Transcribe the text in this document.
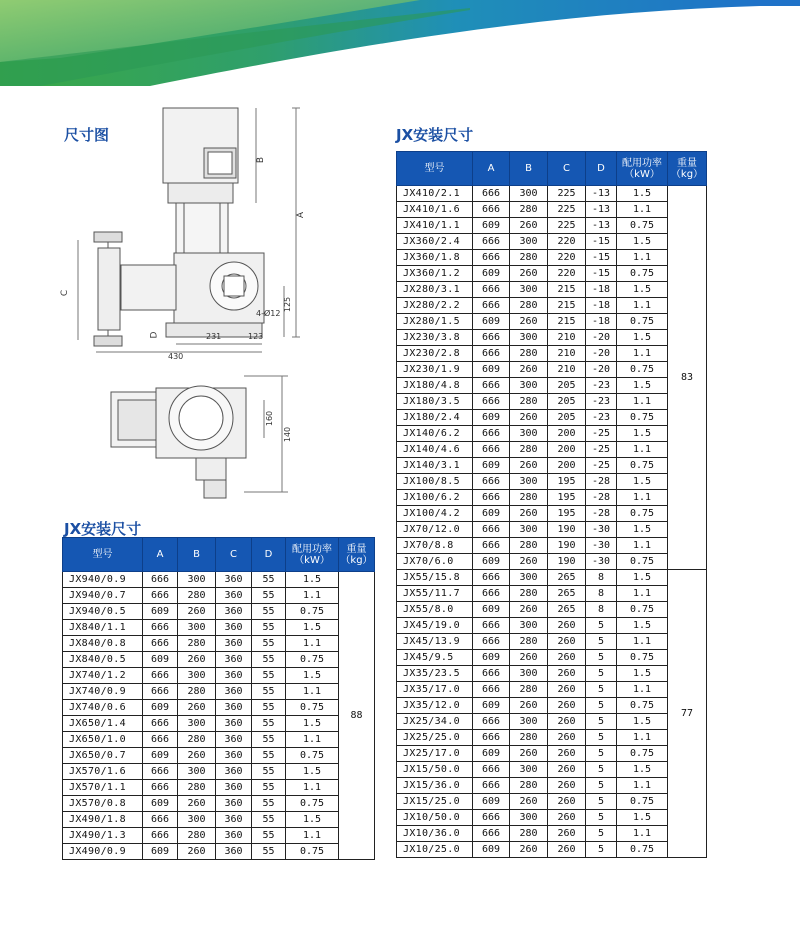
尺寸图
A
B
C
D
125
4-Ø12
231	123
430
160
140
JX安装尺寸
型号	A	B	C	D	配用功率（kW）	重量（kg）
JX940/0.9	666	300	360	55	1.5	88
JX940/0.7	666	280	360	55	1.1	
JX940/0.5	609	260	360	55	0.75	
JX840/1.1	666	300	360	55	1.5	
JX840/0.8	666	280	360	55	1.1	
JX840/0.5	609	260	360	55	0.75	
JX740/1.2	666	300	360	55	1.5	
JX740/0.9	666	280	360	55	1.1	
JX740/0.6	609	260	360	55	0.75	
JX650/1.4	666	300	360	55	1.5	
JX650/1.0	666	280	360	55	1.1	
JX650/0.7	609	260	360	55	0.75	
JX570/1.6	666	300	360	55	1.5	
JX570/1.1	666	280	360	55	1.1	
JX570/0.8	609	260	360	55	0.75	
JX490/1.8	666	300	360	55	1.5	
JX490/1.3	666	280	360	55	1.1	
JX490/0.9	609	260	360	55	0.75	
JX安装尺寸
型号	A	B	C	D	配用功率（kW）	重量（kg）
JX410/2.1	666	300	225	-13	1.5	83
JX410/1.6	666	280	225	-13	1.1	
JX410/1.1	609	260	225	-13	0.75	
JX360/2.4	666	300	220	-15	1.5	
JX360/1.8	666	280	220	-15	1.1	
JX360/1.2	609	260	220	-15	0.75	
JX280/3.1	666	300	215	-18	1.5	
JX280/2.2	666	280	215	-18	1.1	
JX280/1.5	609	260	215	-18	0.75	
JX230/3.8	666	300	210	-20	1.5	
JX230/2.8	666	280	210	-20	1.1	
JX230/1.9	609	260	210	-20	0.75	
JX180/4.8	666	300	205	-23	1.5	
JX180/3.5	666	280	205	-23	1.1	
JX180/2.4	609	260	205	-23	0.75	
JX140/6.2	666	300	200	-25	1.5	
JX140/4.6	666	280	200	-25	1.1	
JX140/3.1	609	260	200	-25	0.75	
JX100/8.5	666	300	195	-28	1.5	
JX100/6.2	666	280	195	-28	1.1	
JX100/4.2	609	260	195	-28	0.75	
JX70/12.0	666	300	190	-30	1.5	
JX70/8.8	666	280	190	-30	1.1	
JX70/6.0	609	260	190	-30	0.75	
JX55/15.8	666	300	265	8	1.5	77
JX55/11.7	666	280	265	8	1.1	
JX55/8.0	609	260	265	8	0.75	
JX45/19.0	666	300	260	5	1.5	
JX45/13.9	666	280	260	5	1.1	
JX45/9.5	609	260	260	5	0.75	
JX35/23.5	666	300	260	5	1.5	
JX35/17.0	666	280	260	5	1.1	
JX35/12.0	609	260	260	5	0.75	
JX25/34.0	666	300	260	5	1.5	
JX25/25.0	666	280	260	5	1.1	
JX25/17.0	609	260	260	5	0.75	
JX15/50.0	666	300	260	5	1.5	
JX15/36.0	666	280	260	5	1.1	
JX15/25.0	609	260	260	5	0.75	
JX10/50.0	666	300	260	5	1.5	
JX10/36.0	666	280	260	5	1.1	
JX10/25.0	609	260	260	5	0.75	
